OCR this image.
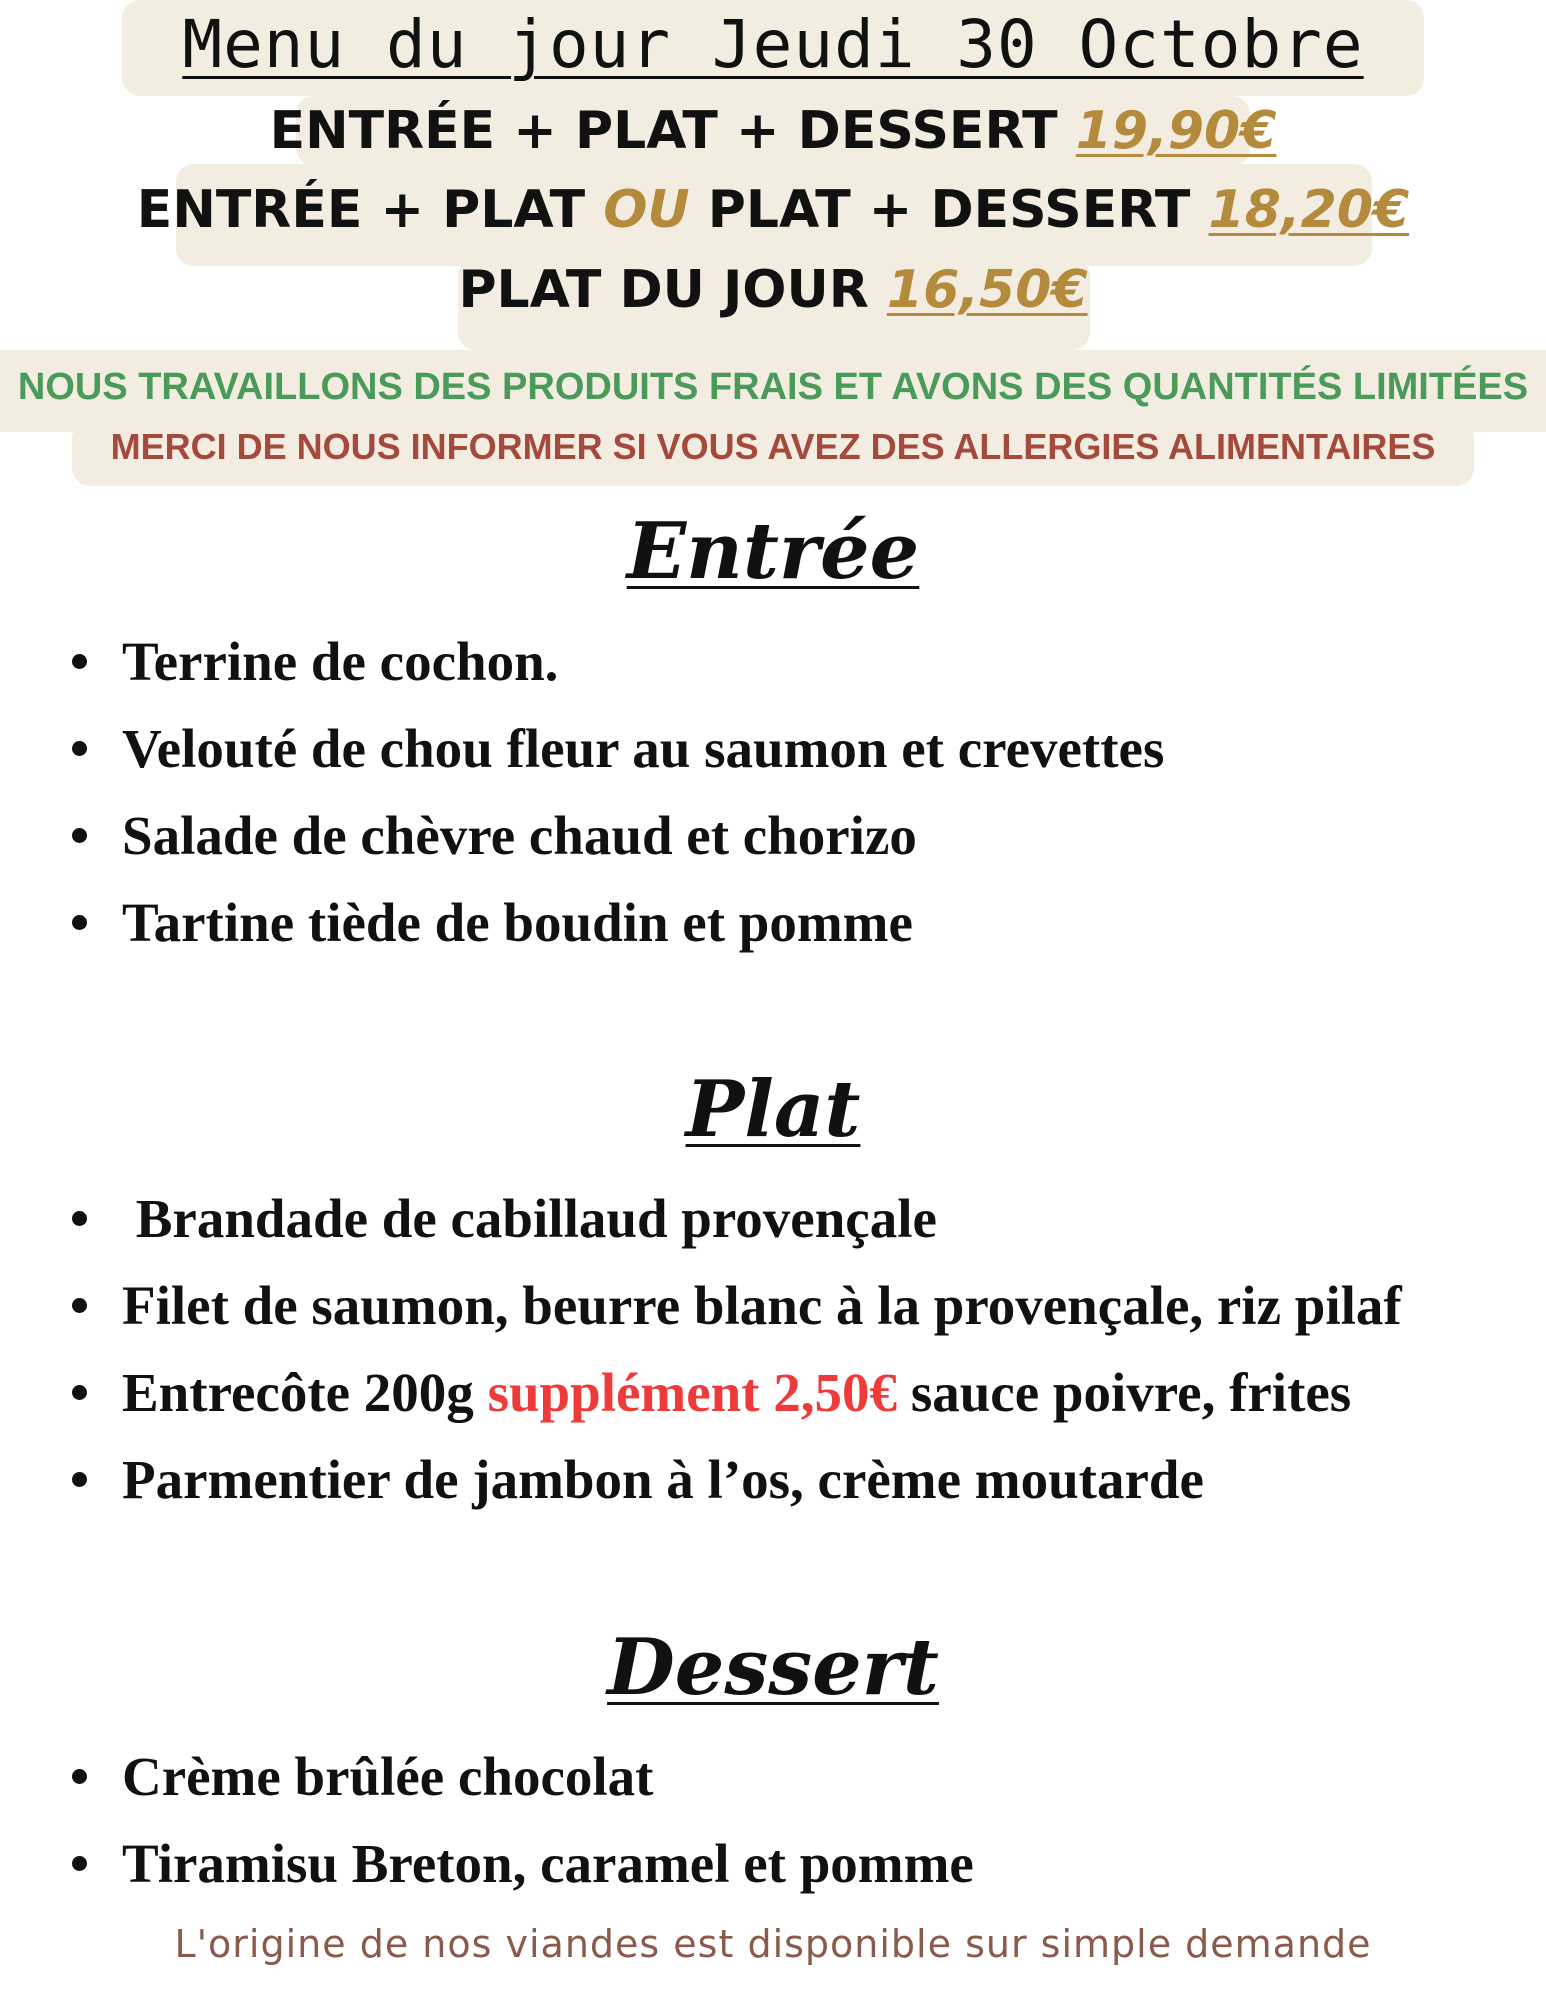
Menu du jour Jeudi 30 Octobre
ENTRÉE + PLAT + DESSERT 19,90€
ENTRÉE + PLAT OU PLAT + DESSERT 18,20€
PLAT DU JOUR 16,50€
NOUS TRAVAILLONS DES PRODUITS FRAIS ET AVONS DES QUANTITÉS LIMITÉES
MERCI DE NOUS INFORMER SI VOUS AVEZ DES ALLERGIES ALIMENTAIRES
Entrée
Terrine de cochon.
Velouté de chou fleur au saumon et crevettes
Salade de chèvre chaud et chorizo
Tartine tiède de boudin et pomme
Plat
Brandade de cabillaud provençale
Filet de saumon, beurre blanc à la provençale, riz pilaf
Entrecôte 200g supplément 2,50€ sauce poivre, frites
Parmentier de jambon à l’os, crème moutarde
Dessert
Crème brûlée chocolat
Tiramisu Breton, caramel et pomme
L'origine de nos viandes est disponible sur simple demande
